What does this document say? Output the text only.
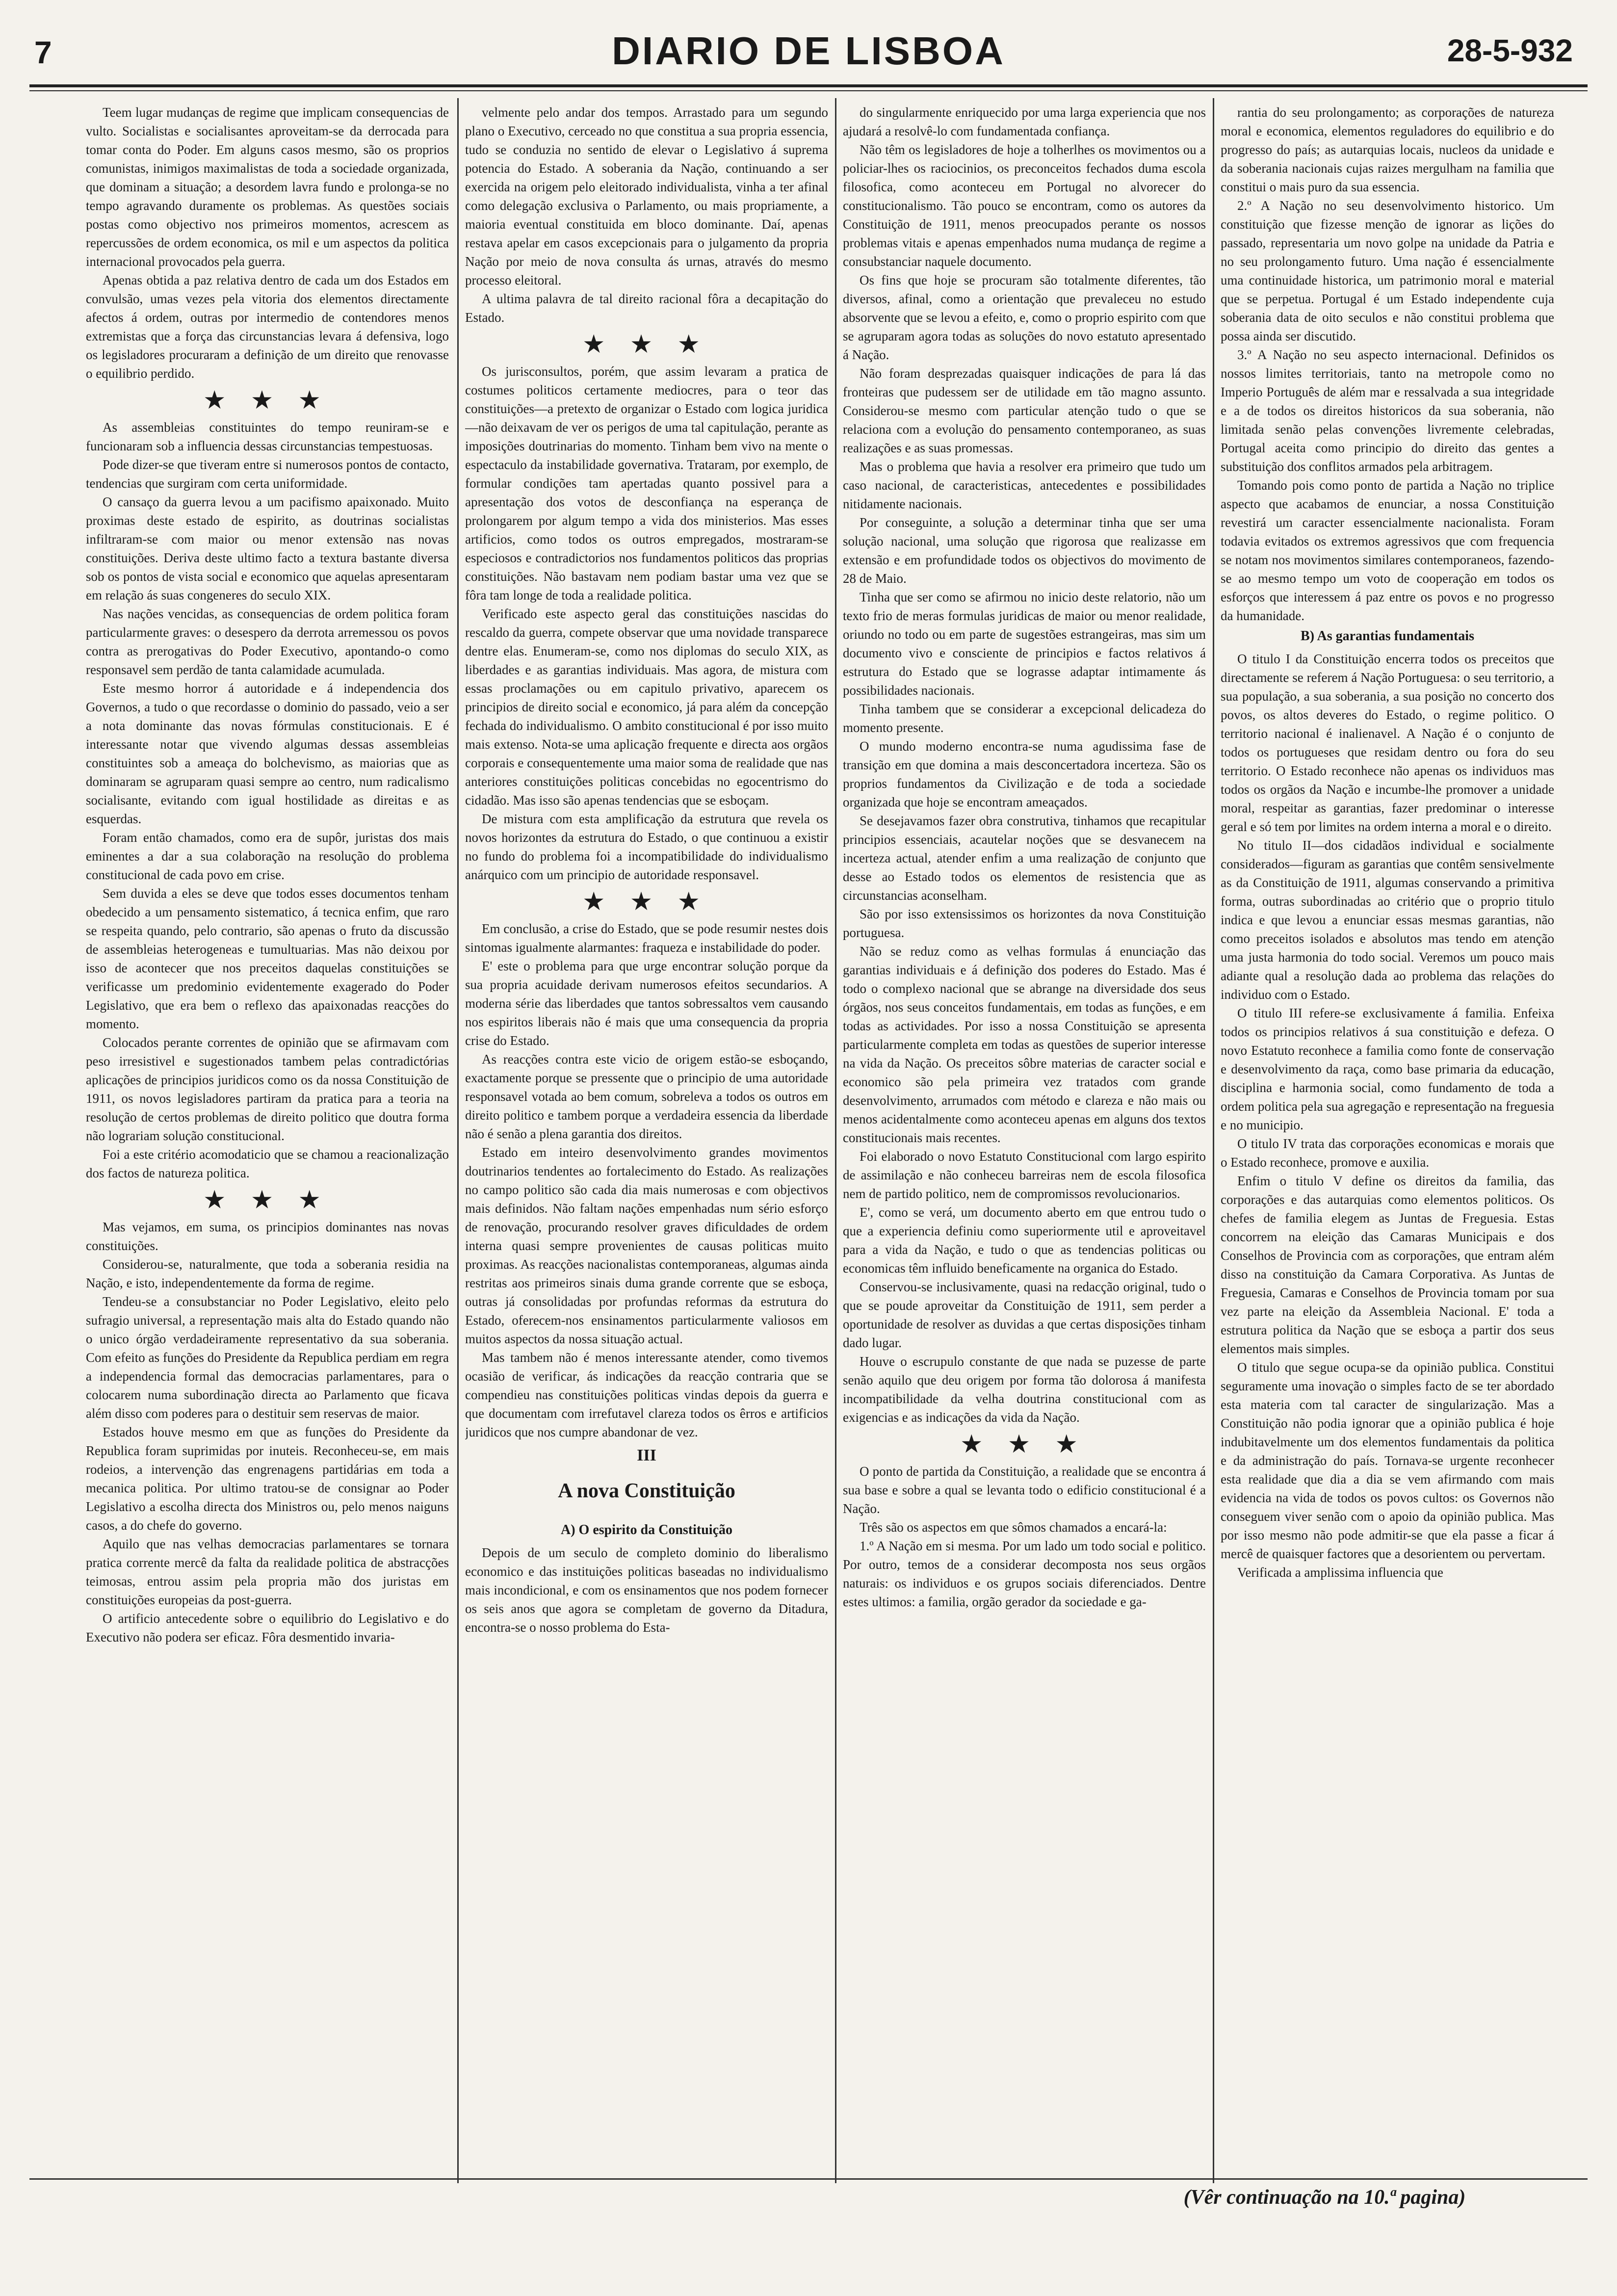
7	DIARIO DE LISBOA	28-5-932

Teem lugar mudanças de regime que implicam consequencias de vulto. Socialistas e socialisantes aproveitam-se da derrocada para tomar conta do Poder. Em alguns casos mesmo, são os proprios comunistas, inimigos maximalistas de toda a sociedade organizada, que dominam a situação; a desordem lavra fundo e prolonga-se no tempo agravando duramente os problemas. As questões sociais postas como objectivo nos primeiros momentos, acrescem as repercussões de ordem economica, os mil e um aspectos da politica internacional provocados pela guerra.

Apenas obtida a paz relativa dentro de cada um dos Estados em convulsão, umas vezes pela vitoria dos elementos directamente afectos á ordem, outras por intermedio de contendores menos extremistas que a força das circunstancias levara á defensiva, logo os legisladores procuraram a definição de um direito que renovasse o equilibrio perdido.

★ ★ ★

As assembleias constituintes do tempo reuniram-se e funcionaram sob a influencia dessas circunstancias tempestuosas.

Pode dizer-se que tiveram entre si numerosos pontos de contacto, tendencias que surgiram com certa uniformidade.

O cansaço da guerra levou a um pacifismo apaixonado. Muito proximas deste estado de espirito, as doutrinas socialistas infiltraram-se com maior ou menor extensão nas novas constituições. Deriva deste ultimo facto a textura bastante diversa sob os pontos de vista social e economico que aquelas apresentaram em relação ás suas congeneres do seculo XIX.

Nas nações vencidas, as consequencias de ordem politica foram particularmente graves: o desespero da derrota arremessou os povos contra as prerogativas do Poder Executivo, apontando-o como responsavel sem perdão de tanta calamidade acumulada.

Este mesmo horror á autoridade e á independencia dos Governos, a tudo o que recordasse o dominio do passado, veio a ser a nota dominante das novas fórmulas constitucionais. E é interessante notar que vivendo algumas dessas assembleias constituintes sob a ameaça do bolchevismo, as maiorias que as dominaram se agruparam quasi sempre ao centro, num radicalismo socialisante, evitando com igual hostilidade as direitas e as esquerdas.

Foram então chamados, como era de supôr, juristas dos mais eminentes a dar a sua colaboração na resolução do problema constitucional de cada povo em crise.

Sem duvida a eles se deve que todos esses documentos tenham obedecido a um pensamento sistematico, á tecnica enfim, que raro se respeita quando, pelo contrario, são apenas o fruto da discussão de assembleias heterogeneas e tumultuarias. Mas não deixou por isso de acontecer que nos preceitos daquelas constituições se verificasse um predominio evidentemente exagerado do Poder Legislativo, que era bem o reflexo das apaixonadas reacções do momento.

Colocados perante correntes de opinião que se afirmavam com peso irresistivel e sugestionados tambem pelas contradictórias aplicações de principios juridicos como os da nossa Constituição de 1911, os novos legisladores partiram da pratica para a teoria na resolução de certos problemas de direito politico que doutra forma não lograriam solução constitucional.

Foi a este critério acomodaticio que se chamou a reacionalização dos factos de natureza politica.

★ ★ ★

Mas vejamos, em suma, os principios dominantes nas novas constituições.

Considerou-se, naturalmente, que toda a soberania residia na Nação, e isto, independentemente da forma de regime.

Tendeu-se a consubstanciar no Poder Legislativo, eleito pelo sufragio universal, a representação mais alta do Estado quando não o unico órgão verdadeiramente representativo da sua soberania. Com efeito as funções do Presidente da Republica perdiam em regra a independencia formal das democracias parlamentares, para o colocarem numa subordinação directa ao Parlamento que ficava além disso com poderes para o destituir sem reservas de maior.

Estados houve mesmo em que as funções do Presidente da Republica foram suprimidas por inuteis. Reconheceu-se, em mais rodeios, a intervenção das engrenagens partidárias em toda a mecanica politica. Por ultimo tratou-se de consignar ao Poder Legislativo a escolha directa dos Ministros ou, pelo menos naiguns casos, a do chefe do governo.

Aquilo que nas velhas democracias parlamentares se tornara pratica corrente mercê da falta da realidade politica de abstracções teimosas, entrou assim pela propria mão dos juristas em constituições europeias da post-guerra.

O artificio antecedente sobre o equilibrio do Legislativo e do Executivo não podera ser eficaz. Fôra desmentido invaria-

velmente pelo andar dos tempos. Arrastado para um segundo plano o Executivo, cerceado no que constitua a sua propria essencia, tudo se conduzia no sentido de elevar o Legislativo á suprema potencia do Estado. A soberania da Nação, continuando a ser exercida na origem pelo eleitorado individualista, vinha a ter afinal como delegação exclusiva o Parlamento, ou mais propriamente, a maioria eventual constituida em bloco dominante. Daí, apenas restava apelar em casos excepcionais para o julgamento da propria Nação por meio de nova consulta ás urnas, através do mesmo processo eleitoral.

A ultima palavra de tal direito racional fôra a decapitação do Estado.

★ ★ ★

Os jurisconsultos, porém, que assim levaram a pratica de costumes politicos certamente mediocres, para o teor das constituições—a pretexto de organizar o Estado com logica juridica—não deixavam de ver os perigos de uma tal capitulação, perante as imposições doutrinarias do momento. Tinham bem vivo na mente o espectaculo da instabilidade governativa. Trataram, por exemplo, de formular condições tam apertadas quanto possivel para a apresentação dos votos de desconfiança na esperança de prolongarem por algum tempo a vida dos ministerios. Mas esses artificios, como todos os outros empregados, mostraram-se especiosos e contradictorios nos fundamentos politicos das proprias constituições. Não bastavam nem podiam bastar uma vez que se fôra tam longe de toda a realidade politica.

Verificado este aspecto geral das constituições nascidas do rescaldo da guerra, compete observar que uma novidade transparece dentre elas. Enumeram-se, como nos diplomas do seculo XIX, as liberdades e as garantias individuais. Mas agora, de mistura com essas proclamações ou em capitulo privativo, aparecem os principios de direito social e economico, já para além da concepção fechada do individualismo. O ambito constitucional é por isso muito mais extenso. Nota-se uma aplicação frequente e directa aos orgãos corporais e consequentemente uma maior soma de realidade que nas anteriores constituições politicas concebidas no egocentrismo do cidadão. Mas isso são apenas tendencias que se esboçam.

De mistura com esta amplificação da estrutura que revela os novos horizontes da estrutura do Estado, o que continuou a existir no fundo do problema foi a incompatibilidade do individualismo anárquico com um principio de autoridade responsavel.

★ ★ ★

Em conclusão, a crise do Estado, que se pode resumir nestes dois sintomas igualmente alarmantes: fraqueza e instabilidade do poder.

E' este o problema para que urge encontrar solução porque da sua propria acuidade derivam numerosos efeitos secundarios. A moderna série das liberdades que tantos sobressaltos vem causando nos espiritos liberais não é mais que uma consequencia da propria crise do Estado.

As reacções contra este vicio de origem estão-se esboçando, exactamente porque se pressente que o principio de uma autoridade responsavel votada ao bem comum, sobreleva a todos os outros em direito politico e tambem porque a verdadeira essencia da liberdade não é senão a plena garantia dos direitos.

Estado em inteiro desenvolvimento grandes movimentos doutrinarios tendentes ao fortalecimento do Estado. As realizações no campo politico são cada dia mais numerosas e com objectivos mais definidos. Não faltam nações empenhadas num sério esforço de renovação, procurando resolver graves dificuldades de ordem interna quasi sempre provenientes de causas politicas muito proximas. As reacções nacionalistas contemporaneas, algumas ainda restritas aos primeiros sinais duma grande corrente que se esboça, outras já consolidadas por profundas reformas da estrutura do Estado, oferecem-nos ensinamentos particularmente valiosos em muitos aspectos da nossa situação actual.

Mas tambem não é menos interessante atender, como tivemos ocasião de verificar, ás indicações da reacção contraria que se compendieu nas constituições politicas vindas depois da guerra e que documentam com irrefutavel clareza todos os êrros e artificios juridicos que nos cumpre abandonar de vez.

III

A nova Constituição

A) O espirito da Constituição

Depois de um seculo de completo dominio do liberalismo economico e das instituições politicas baseadas no individualismo mais incondicional, e com os ensinamentos que nos podem fornecer os seis anos que agora se completam de governo da Ditadura, encontra-se o nosso problema do Esta-

do singularmente enriquecido por uma larga experiencia que nos ajudará a resolvê-lo com fundamentada confiança.

Não têm os legisladores de hoje a tolherlhes os movimentos ou a policiar-lhes os raciocinios, os preconceitos fechados duma escola filosofica, como aconteceu em Portugal no alvorecer do constitucionalismo. Tão pouco se encontram, como os autores da Constituição de 1911, menos preocupados perante os nossos problemas vitais e apenas empenhados numa mudança de regime a consubstanciar naquele documento.

Os fins que hoje se procuram são totalmente diferentes, tão diversos, afinal, como a orientação que prevaleceu no estudo absorvente que se levou a efeito, e, como o proprio espirito com que se agruparam agora todas as soluções do novo estatuto apresentado á Nação.

Não foram desprezadas quaisquer indicações de para lá das fronteiras que pudessem ser de utilidade em tão magno assunto. Considerou-se mesmo com particular atenção tudo o que se relaciona com a evolução do pensamento contemporaneo, as suas realizações e as suas promessas.

Mas o problema que havia a resolver era primeiro que tudo um caso nacional, de caracteristicas, antecedentes e possibilidades nitidamente nacionais.

Por conseguinte, a solução a determinar tinha que ser uma solução nacional, uma solução que rigorosa que realizasse em extensão e em profundidade todos os objectivos do movimento de 28 de Maio.

Tinha que ser como se afirmou no inicio deste relatorio, não um texto frio de meras formulas juridicas de maior ou menor realidade, oriundo no todo ou em parte de sugestões estrangeiras, mas sim um documento vivo e consciente de principios e factos relativos á estrutura do Estado que se lograsse adaptar intimamente ás possibilidades nacionais.

Tinha tambem que se considerar a excepcional delicadeza do momento presente.

O mundo moderno encontra-se numa agudissima fase de transição em que domina a mais desconcertadora incerteza. São os proprios fundamentos da Civilização e de toda a sociedade organizada que hoje se encontram ameaçados.

Se desejavamos fazer obra construtiva, tinhamos que recapitular principios essenciais, acautelar noções que se desvanecem na incerteza actual, atender enfim a uma realização de conjunto que desse ao Estado todos os elementos de resistencia que as circunstancias aconselham.

São por isso extensissimos os horizontes da nova Constituição portuguesa.

Não se reduz como as velhas formulas á enunciação das garantias individuais e á definição dos poderes do Estado. Mas é todo o complexo nacional que se abrange na diversidade dos seus órgãos, nos seus conceitos fundamentais, em todas as funções, e em todas as actividades. Por isso a nossa Constituição se apresenta particularmente completa em todas as questões de superior interesse na vida da Nação. Os preceitos sôbre materias de caracter social e economico são pela primeira vez tratados com grande desenvolvimento, arrumados com método e clareza e não mais ou menos acidentalmente como aconteceu apenas em alguns dos textos constitucionais mais recentes.

Foi elaborado o novo Estatuto Constitucional com largo espirito de assimilação e não conheceu barreiras nem de escola filosofica nem de partido politico, nem de compromissos revolucionarios.

E', como se verá, um documento aberto em que entrou tudo o que a experiencia definiu como superiormente util e aproveitavel para a vida da Nação, e tudo o que as tendencias politicas ou economicas têm influido beneficamente na organica do Estado.

Conservou-se inclusivamente, quasi na redacção original, tudo o que se poude aproveitar da Constituição de 1911, sem perder a oportunidade de resolver as duvidas a que certas disposições tinham dado lugar.

Houve o escrupulo constante de que nada se puzesse de parte senão aquilo que deu origem por forma tão dolorosa á manifesta incompatibilidade da velha doutrina constitucional com as exigencias e as indicações da vida da Nação.

★ ★ ★

O ponto de partida da Constituição, a realidade que se encontra á sua base e sobre a qual se levanta todo o edificio constitucional é a Nação.

Três são os aspectos em que sômos chamados a encará-la:

1.º A Nação em si mesma. Por um lado um todo social e politico. Por outro, temos de a considerar decomposta nos seus orgãos naturais: os individuos e os grupos sociais diferenciados. Dentre estes ultimos: a familia, orgão gerador da sociedade e ga-

rantia do seu prolongamento; as corporações de natureza moral e economica, elementos reguladores do equilibrio e do progresso do país; as autarquias locais, nucleos da unidade e da soberania nacionais cujas raizes mergulham na familia que constitui o mais puro da sua essencia.

2.º A Nação no seu desenvolvimento historico. Um constituição que fizesse menção de ignorar as lições do passado, representaria um novo golpe na unidade da Patria e no seu prolongamento futuro. Uma nação é essencialmente uma continuidade historica, um patrimonio moral e material que se perpetua. Portugal é um Estado independente cuja soberania data de oito seculos e não constitui problema que possa ainda ser discutido.

3.º A Nação no seu aspecto internacional. Definidos os nossos limites territoriais, tanto na metropole como no Imperio Português de além mar e ressalvada a sua integridade e a de todos os direitos historicos da sua soberania, não limitada senão pelas convenções livremente celebradas, Portugal aceita como principio do direito das gentes a substituição dos conflitos armados pela arbitragem.

Tomando pois como ponto de partida a Nação no triplice aspecto que acabamos de enunciar, a nossa Constituição revestirá um caracter essencialmente nacionalista. Foram todavia evitados os extremos agressivos que com frequencia se notam nos movimentos similares contemporaneos, fazendo-se ao mesmo tempo um voto de cooperação em todos os esforços que interessem á paz entre os povos e no progresso da humanidade.

B) As garantias fundamentais

O titulo I da Constituição encerra todos os preceitos que directamente se referem á Nação Portuguesa: o seu territorio, a sua população, a sua soberania, a sua posição no concerto dos povos, os altos deveres do Estado, o regime politico. O territorio nacional é inalienavel. A Nação é o conjunto de todos os portugueses que residam dentro ou fora do seu territorio. O Estado reconhece não apenas os individuos mas todos os orgãos da Nação e incumbe-lhe promover a unidade moral, respeitar as garantias, fazer predominar o interesse geral e só tem por limites na ordem interna a moral e o direito.

No titulo II—dos cidadãos individual e socialmente considerados—figuram as garantias que contêm sensivelmente as da Constituição de 1911, algumas conservando a primitiva forma, outras subordinadas ao critério que o proprio titulo indica e que levou a enunciar essas mesmas garantias, não como preceitos isolados e absolutos mas tendo em atenção uma justa harmonia do todo social. Veremos um pouco mais adiante qual a resolução dada ao problema das relações do individuo com o Estado.

O titulo III refere-se exclusivamente á familia. Enfeixa todos os principios relativos á sua constituição e defeza. O novo Estatuto reconhece a familia como fonte de conservação e desenvolvimento da raça, como base primaria da educação, disciplina e harmonia social, como fundamento de toda a ordem politica pela sua agregação e representação na freguesia e no municipio.

O titulo IV trata das corporações economicas e morais que o Estado reconhece, promove e auxilia.

Enfim o titulo V define os direitos da familia, das corporações e das autarquias como elementos politicos. Os chefes de familia elegem as Juntas de Freguesia. Estas concorrem na eleição das Camaras Municipais e dos Conselhos de Provincia com as corporações, que entram além disso na constituição da Camara Corporativa. As Juntas de Freguesia, Camaras e Conselhos de Provincia tomam por sua vez parte na eleição da Assembleia Nacional. E' toda a estrutura politica da Nação que se esboça a partir dos seus elementos mais simples.

O titulo que segue ocupa-se da opinião publica. Constitui seguramente uma inovação o simples facto de se ter abordado esta materia com tal caracter de singularização. Mas a Constituição não podia ignorar que a opinião publica é hoje indubitavelmente um dos elementos fundamentais da politica e da administração do país. Tornava-se urgente reconhecer esta realidade que dia a dia se vem afirmando com mais evidencia na vida de todos os povos cultos: os Governos não conseguem viver senão com o apoio da opinião publica. Mas por isso mesmo não pode admitir-se que ela passe a ficar á mercê de quaisquer factores que a desorientem ou pervertam.

Verificada a amplissima influencia que

(Vêr continuação na 10.ª pagina)
